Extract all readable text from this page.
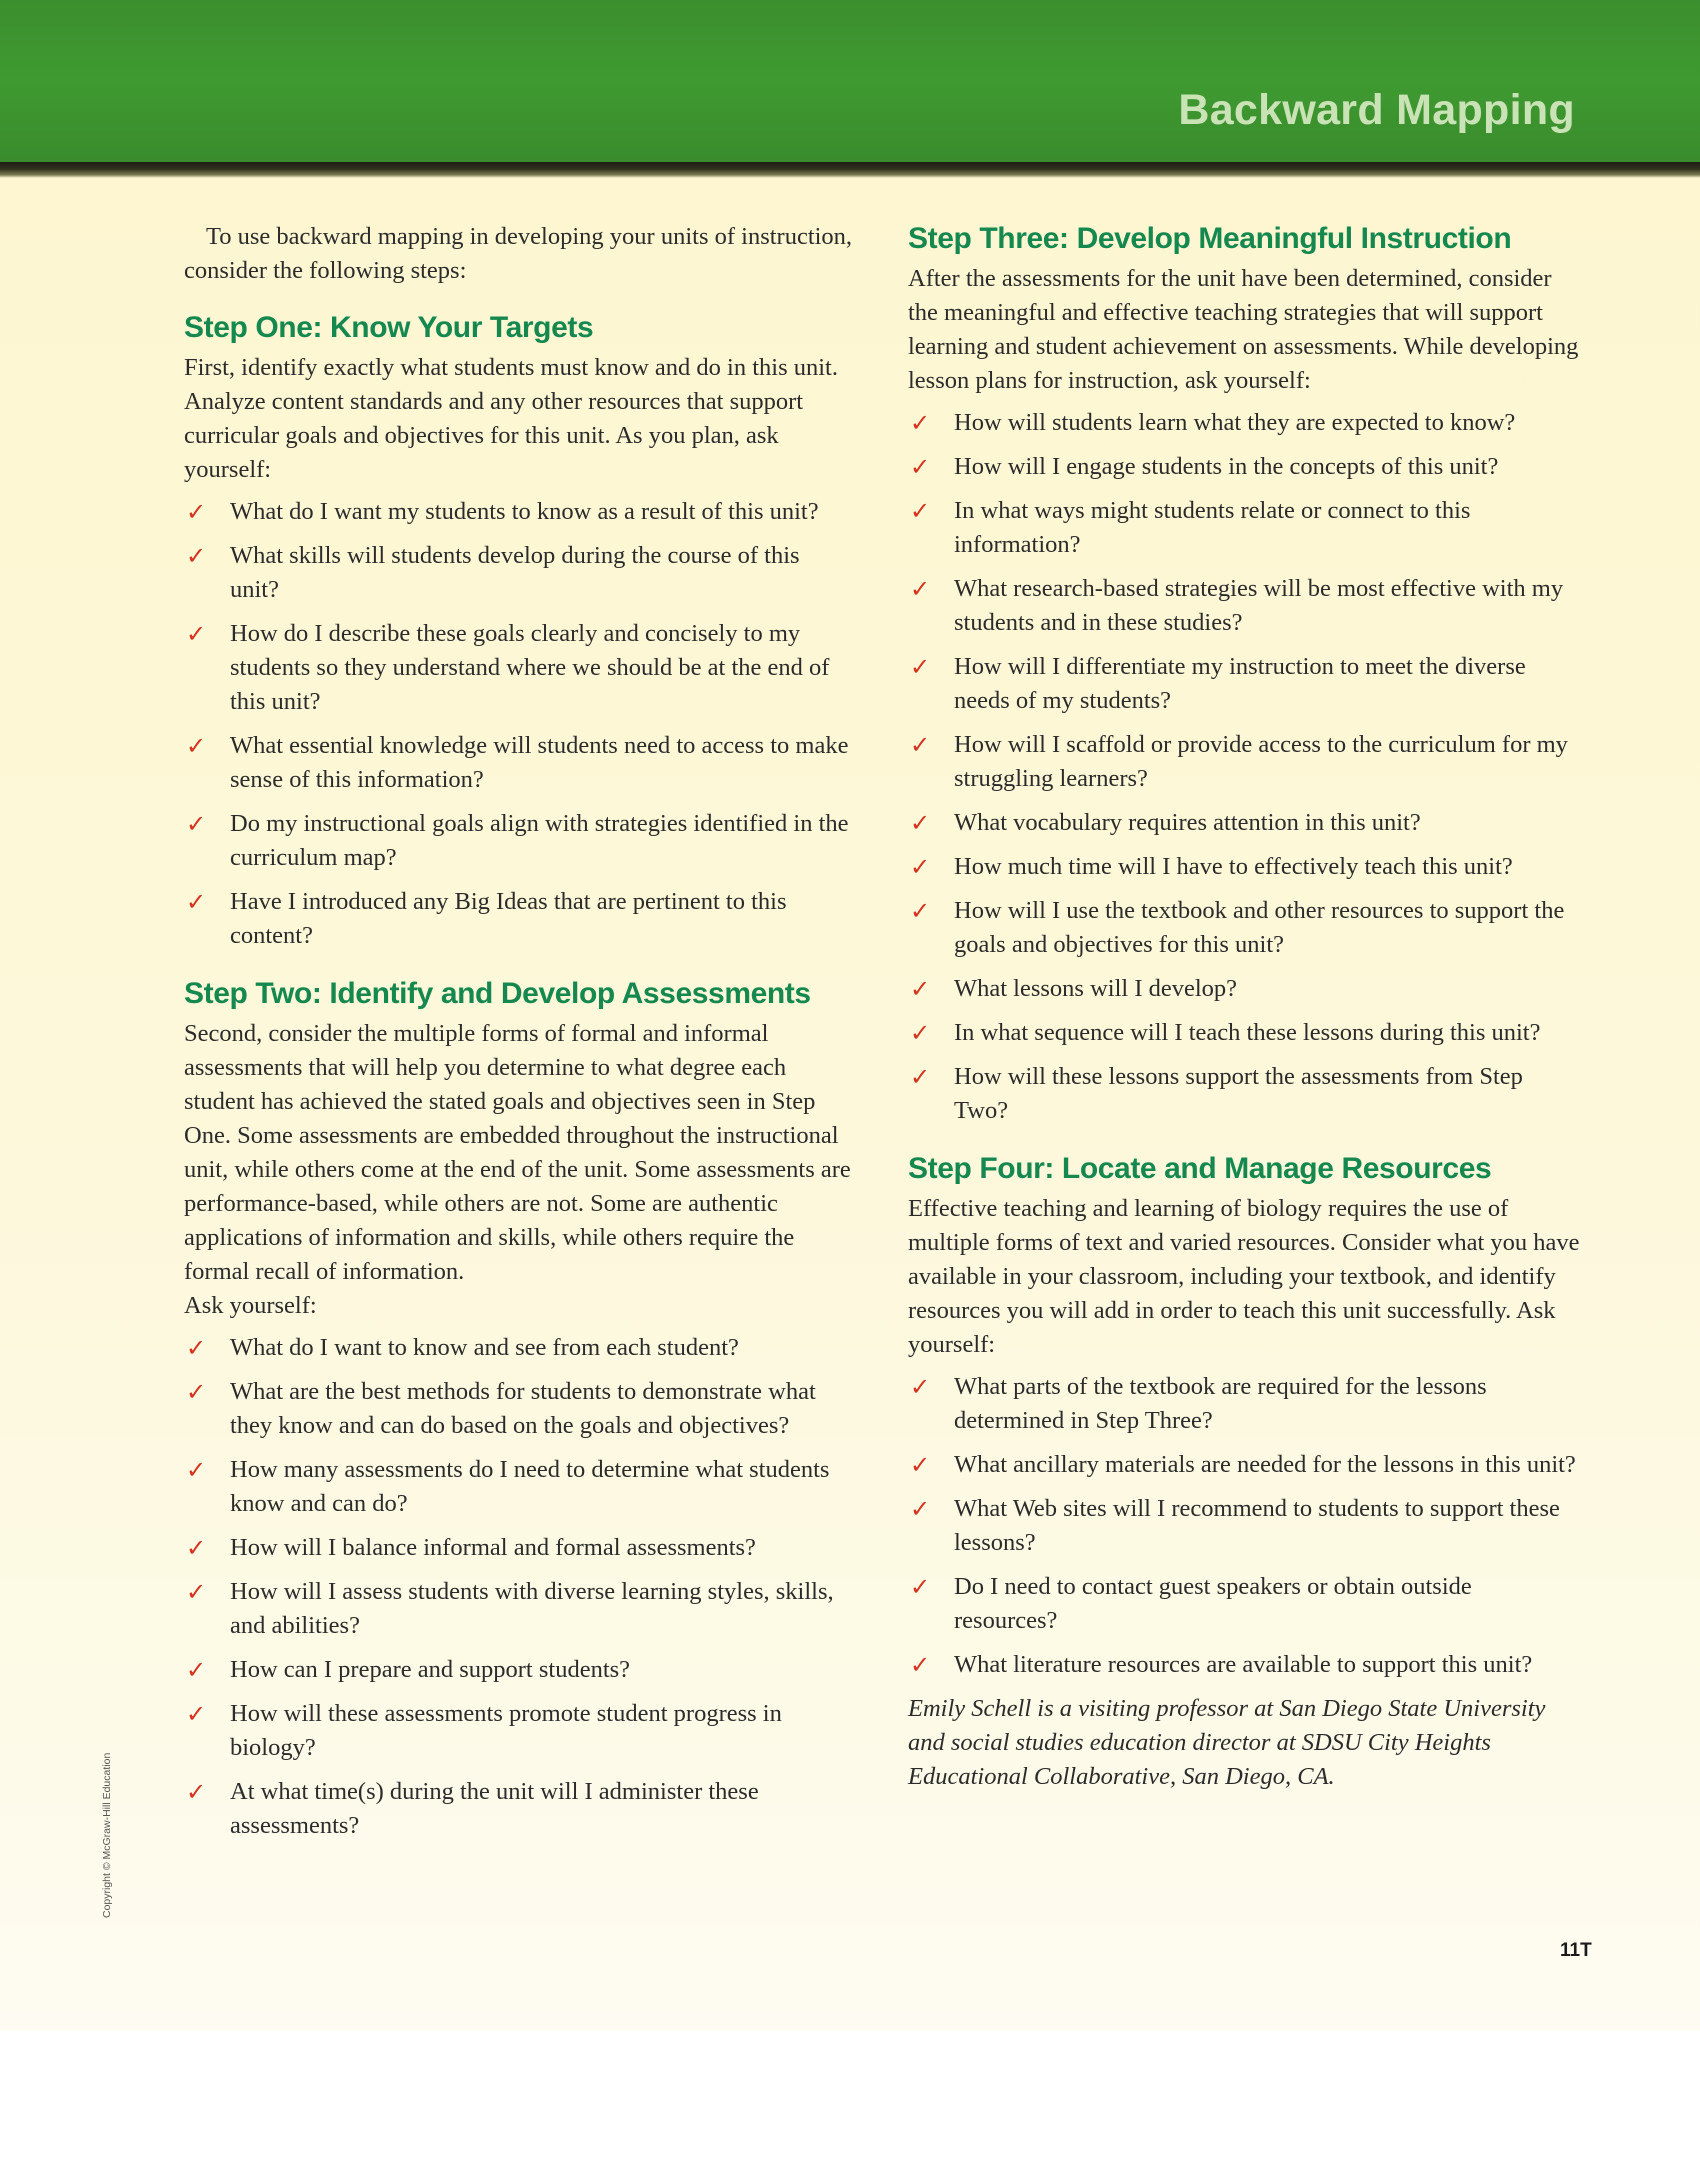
Backward Mapping

To use backward mapping in developing your units of instruction, consider the following steps:

Step One: Know Your Targets

First, identify exactly what students must know and do in this unit. Analyze content standards and any other resources that support curricular goals and objectives for this unit. As you plan, ask yourself:

✓ What do I want my students to know as a result of this unit?
✓ What skills will students develop during the course of this unit?
✓ How do I describe these goals clearly and concisely to my students so they understand where we should be at the end of this unit?
✓ What essential knowledge will students need to access to make sense of this information?
✓ Do my instructional goals align with strategies identified in the curriculum map?
✓ Have I introduced any Big Ideas that are pertinent to this content?
Step Two: Identify and Develop Assessments

Second, consider the multiple forms of formal and informal assessments that will help you determine to what degree each student has achieved the stated goals and objectives seen in Step One. Some assessments are embedded throughout the instructional unit, while others come at the end of the unit. Some assessments are performance-based, while others are not. Some are authentic applications of information and skills, while others require the formal recall of information.
Ask yourself:

✓ What do I want to know and see from each student?
✓ What are the best methods for students to demonstrate what they know and can do based on the goals and objectives?
✓ How many assessments do I need to determine what students know and can do?
✓ How will I balance informal and formal assessments?
✓ How will I assess students with diverse learning styles, skills, and abilities?
✓ How can I prepare and support students?
✓ How will these assessments promote student progress in biology?
✓ At what time(s) during the unit will I administer these assessments?
Step Three: Develop Meaningful Instruction

After the assessments for the unit have been determined, consider the meaningful and effective teaching strategies that will support learning and student achievement on assessments. While developing lesson plans for instruction, ask yourself:

✓ How will students learn what they are expected to know?
✓ How will I engage students in the concepts of this unit?
✓ In what ways might students relate or connect to this information?
✓ What research-based strategies will be most effective with my students and in these studies?
✓ How will I differentiate my instruction to meet the diverse needs of my students?
✓ How will I scaffold or provide access to the curriculum for my struggling learners?
✓ What vocabulary requires attention in this unit?
✓ How much time will I have to effectively teach this unit?
✓ How will I use the textbook and other resources to support the goals and objectives for this unit?
✓ What lessons will I develop?
✓ In what sequence will I teach these lessons during this unit?
✓ How will these lessons support the assessments from Step Two?
Step Four: Locate and Manage Resources

Effective teaching and learning of biology requires the use of multiple forms of text and varied resources. Consider what you have available in your classroom, including your textbook, and identify resources you will add in order to teach this unit successfully. Ask yourself:

✓ What parts of the textbook are required for the lessons determined in Step Three?
✓ What ancillary materials are needed for the lessons in this unit?
✓ What Web sites will I recommend to students to support these lessons?
✓ Do I need to contact guest speakers or obtain outside resources?
✓ What literature resources are available to support this unit?

Emily Schell is a visiting professor at San Diego State University and social studies education director at SDSU City Heights Educational Collaborative, San Diego, CA.

11T
Copyright © McGraw-Hill Education
